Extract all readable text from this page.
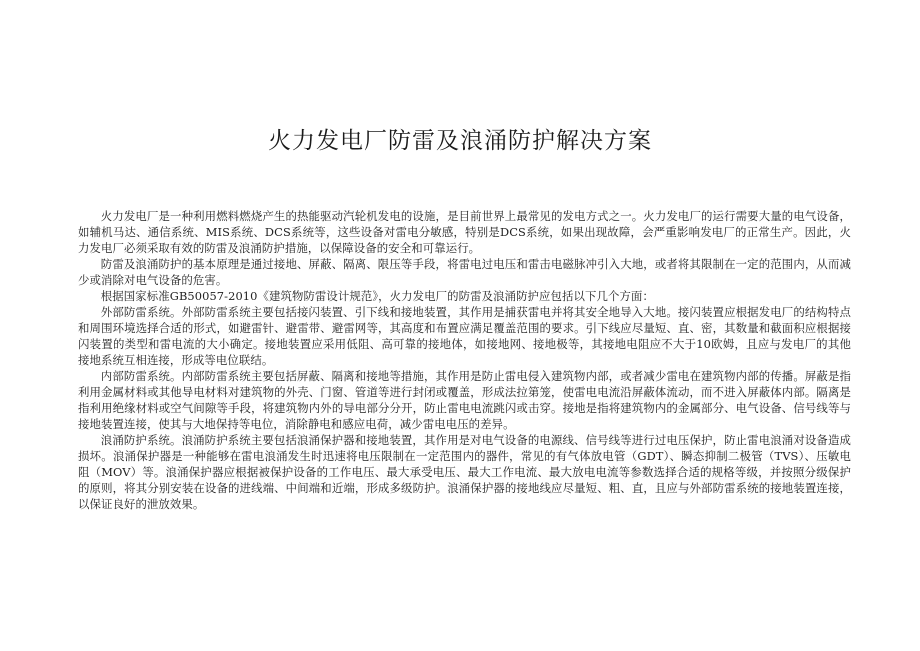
火力发电厂防雷及浪涌防护解决方案

火力发电厂是一种利用燃料燃烧产生的热能驱动汽轮机发电的设施，是目前世界上最常见的发电方式之一。火力发电厂的运行需要大量的电气设备，如辅机马达、通信系统、MIS系统、DCS系统等，这些设备对雷电分敏感，特别是DCS系统，如果出现故障，会严重影响发电厂的正常生产。因此，火力发电厂必须采取有效的防雷及浪涌防护措施，以保障设备的安全和可靠运行。

防雷及浪涌防护的基本原理是通过接地、屏蔽、隔离、限压等手段，将雷电过电压和雷击电磁脉冲引入大地，或者将其限制在一定的范围内，从而减少或消除对电气设备的危害。

根据国家标准GB50057-2010《建筑物防雷设计规范》，火力发电厂的防雷及浪涌防护应包括以下几个方面：

外部防雷系统。外部防雷系统主要包括接闪装置、引下线和接地装置，其作用是捕获雷电并将其安全地导入大地。接闪装置应根据发电厂的结构特点和周围环境选择合适的形式，如避雷针、避雷带、避雷网等，其高度和布置应满足覆盖范围的要求。引下线应尽量短、直、密，其数量和截面积应根据接闪装置的类型和雷电流的大小确定。接地装置应采用低阻、高可靠的接地体，如接地网、接地极等，其接地电阻应不大于10欧姆，且应与发电厂的其他接地系统互相连接，形成等电位联结。

内部防雷系统。内部防雷系统主要包括屏蔽、隔离和接地等措施，其作用是防止雷电侵入建筑物内部，或者减少雷电在建筑物内部的传播。屏蔽是指利用金属材料或其他导电材料对建筑物的外壳、门窗、管道等进行封闭或覆盖，形成法拉第笼，使雷电电流沿屏蔽体流动，而不进入屏蔽体内部。隔离是指利用绝缘材料或空气间隙等手段，将建筑物内外的导电部分分开，防止雷电电流跳闪或击穿。接地是指将建筑物内的金属部分、电气设备、信号线等与接地装置连接，使其与大地保持等电位，消除静电和感应电荷，减少雷电电压的差异。

浪涌防护系统。浪涌防护系统主要包括浪涌保护器和接地装置，其作用是对电气设备的电源线、信号线等进行过电压保护，防止雷电浪涌对设备造成损坏。浪涌保护器是一种能够在雷电浪涌发生时迅速将电压限制在一定范围内的器件，常见的有气体放电管（GDT）、瞬态抑制二极管（TVS）、压敏电阻（MOV）等。浪涌保护器应根据被保护设备的工作电压、最大承受电压、最大工作电流、最大放电电流等参数选择合适的规格等级，并按照分级保护的原则，将其分别安装在设备的进线端、中间端和近端，形成多级防护。浪涌保护器的接地线应尽量短、粗、直，且应与外部防雷系统的接地装置连接，以保证良好的泄放效果。
